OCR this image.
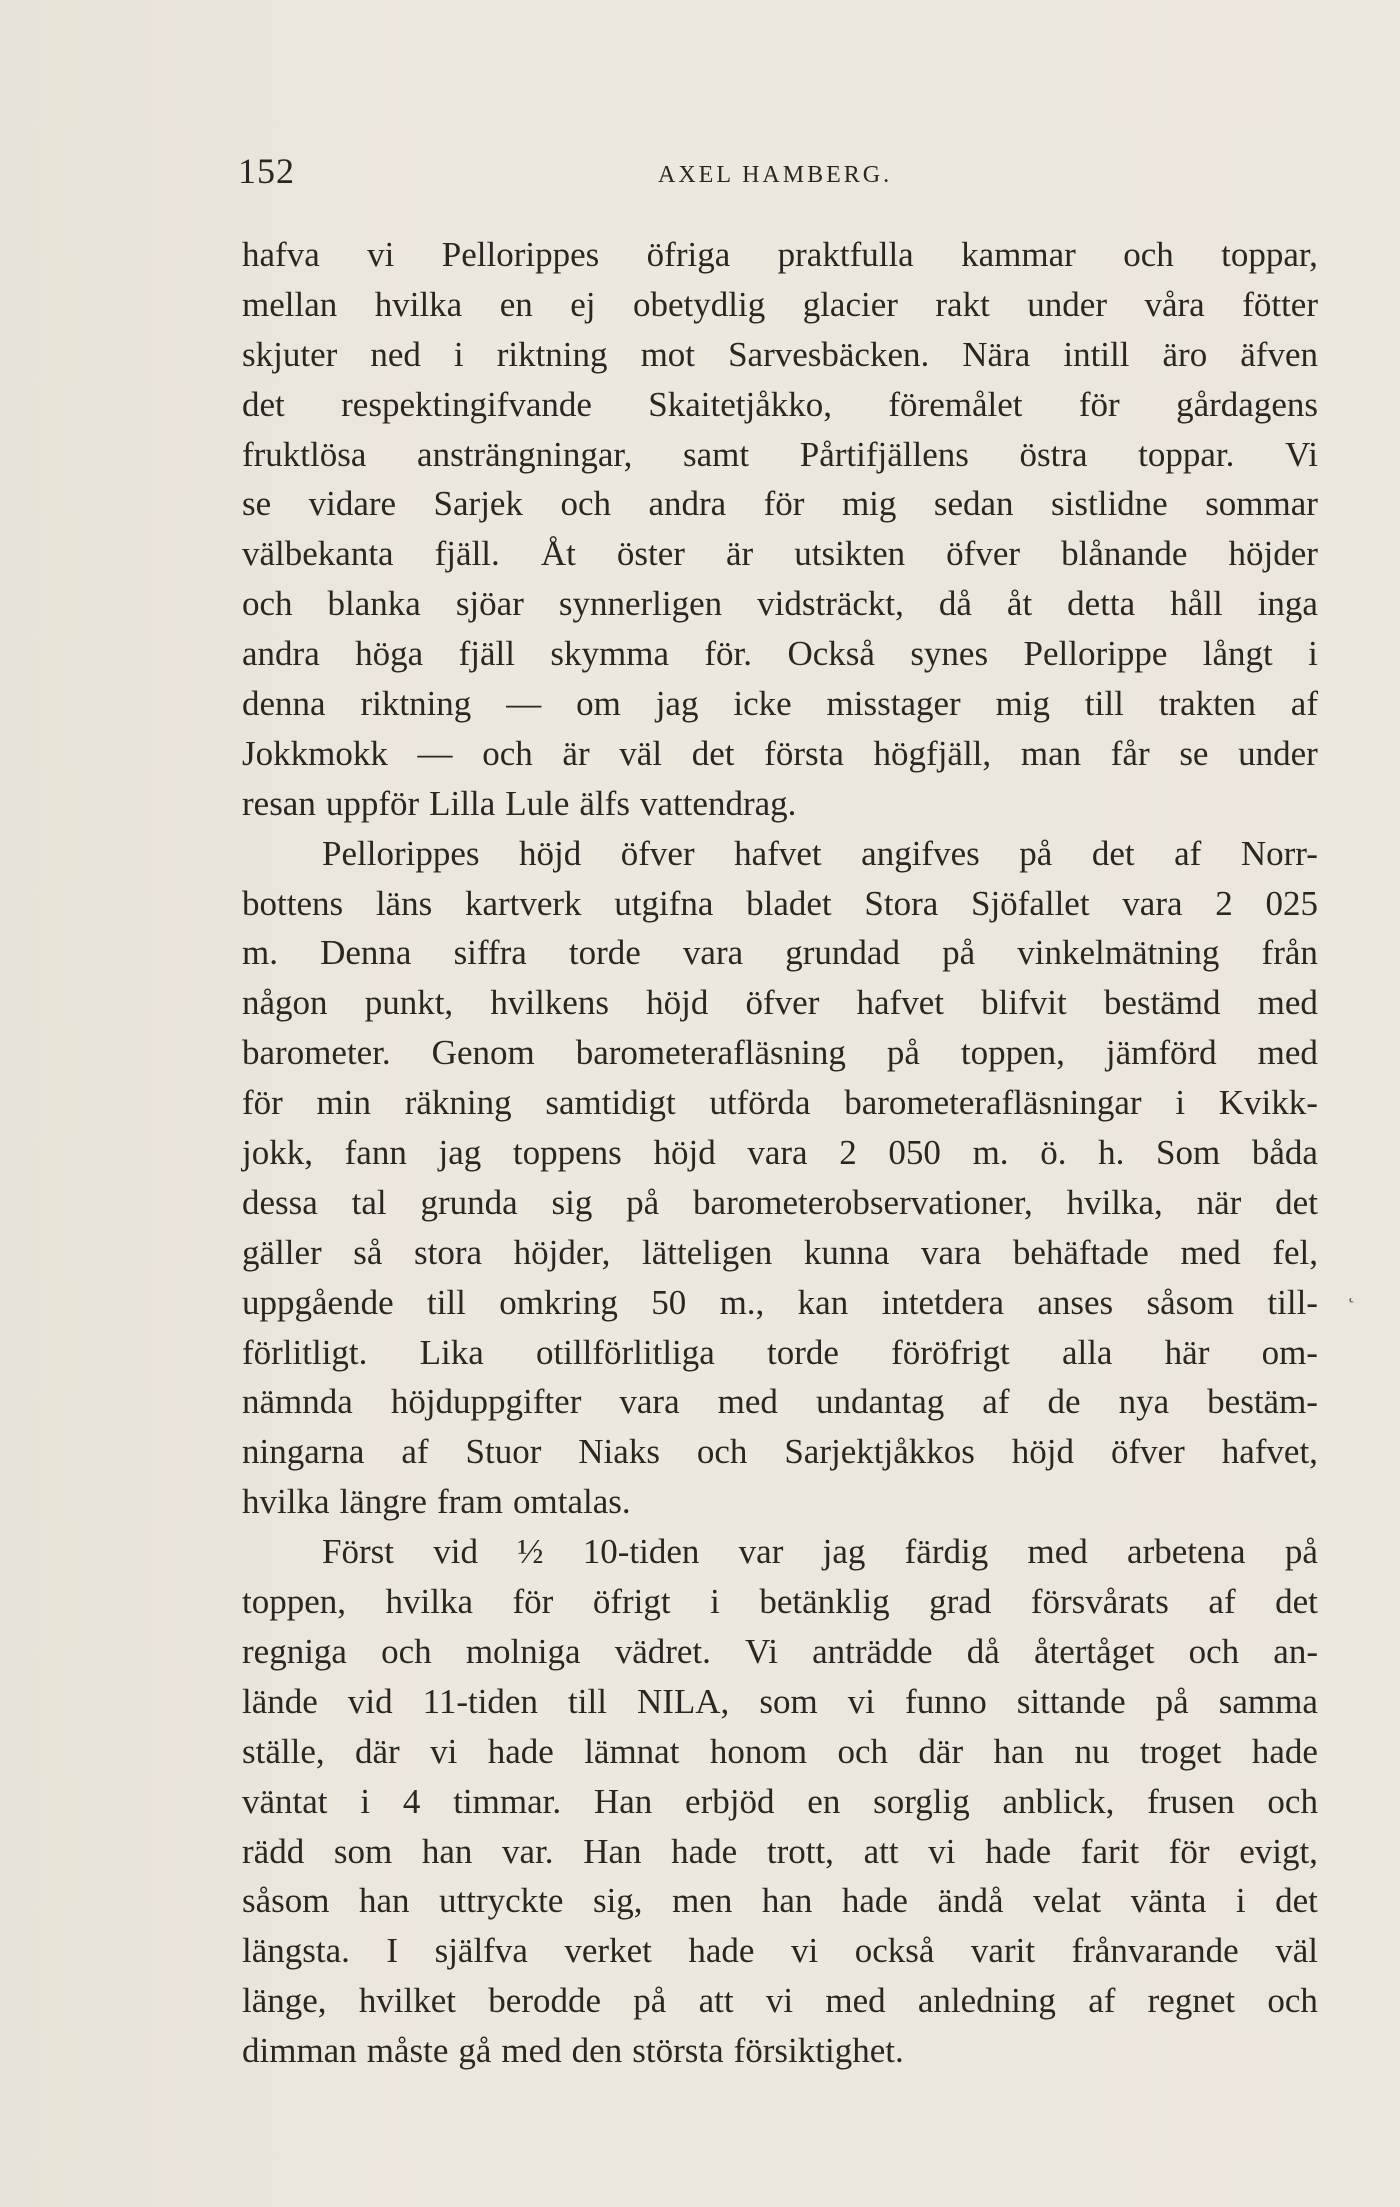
152	AXEL HAMBERG.
hafva vi Pellorippes öfriga praktfulla kammar och toppar,
mellan hvilka en ej obetydlig glacier rakt under våra fötter
skjuter ned i riktning mot Sarvesbäcken. Nära intill äro äfven
det respektingifvande Skaitetjåkko, föremålet för gårdagens
fruktlösa ansträngningar, samt Pårtifjällens östra toppar. Vi
se vidare Sarjek och andra för mig sedan sistlidne sommar
välbekanta fjäll. Åt öster är utsikten öfver blånande höjder
och blanka sjöar synnerligen vidsträckt, då åt detta håll inga
andra höga fjäll skymma för. Också synes Pellorippe långt i
denna riktning — om jag icke misstager mig till trakten af
Jokkmokk — och är väl det första högfjäll, man får se under
resan uppför Lilla Lule älfs vattendrag.
Pellorippes höjd öfver hafvet angifves på det af Norr-
bottens läns kartverk utgifna bladet Stora Sjöfallet vara 2 025
m. Denna siffra torde vara grundad på vinkelmätning från
någon punkt, hvilkens höjd öfver hafvet blifvit bestämd med
barometer. Genom barometerafläsning på toppen, jämförd med
för min räkning samtidigt utförda barometerafläsningar i Kvikk-
jokk, fann jag toppens höjd vara 2 050 m. ö. h. Som båda
dessa tal grunda sig på barometerobservationer, hvilka, när det
gäller så stora höjder, lätteligen kunna vara behäftade med fel,
uppgående till omkring 50 m., kan intetdera anses såsom till-
förlitligt. Lika otillförlitliga torde föröfrigt alla här om-
nämnda höjduppgifter vara med undantag af de nya bestäm-
ningarna af Stuor Niaks och Sarjektjåkkos höjd öfver hafvet,
hvilka längre fram omtalas.
Först vid ½ 10-tiden var jag färdig med arbetena på
toppen, hvilka för öfrigt i betänklig grad försvårats af det
regniga och molniga vädret. Vi anträdde då återtåget och an-
lände vid 11-tiden till NILA, som vi funno sittande på samma
ställe, där vi hade lämnat honom och där han nu troget hade
väntat i 4 timmar. Han erbjöd en sorglig anblick, frusen och
rädd som han var. Han hade trott, att vi hade farit för evigt,
såsom han uttryckte sig, men han hade ändå velat vänta i det
längsta. I själfva verket hade vi också varit frånvarande väl
länge, hvilket berodde på att vi med anledning af regnet och
dimman måste gå med den största försiktighet.
˛
